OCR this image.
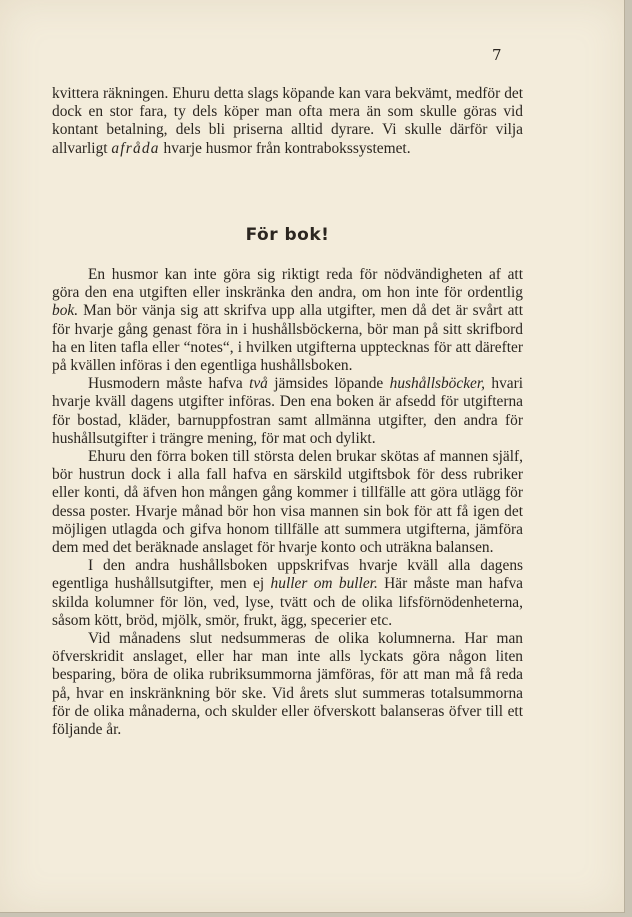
7

kvittera räkningen. Ehuru detta slags köpande kan vara bekvämt, medför det dock en stor fara, ty dels köper man ofta mera än som skulle göras vid kontant betalning, dels bli priserna alltid dyrare. Vi skulle därför vilja allvarligt afråda hvarje husmor från kontrabokssystemet.

För bok!

En husmor kan inte göra sig riktigt reda för nödvändigheten af att göra den ena utgiften eller inskränka den andra, om hon inte för ordentlig bok. Man bör vänja sig att skrifva upp alla utgifter, men då det är svårt att för hvarje gång genast föra in i hushållsböckerna, bör man på sitt skrifbord ha en liten tafla eller “notes“, i hvilken utgifterna upptecknas för att därefter på kvällen införas i den egentliga hushållsboken.

Husmodern måste hafva två jämsides löpande hushållsböcker, hvari hvarje kväll dagens utgifter införas. Den ena boken är afsedd för utgifterna för bostad, kläder, barnuppfostran samt allmänna utgifter, den andra för hushållsutgifter i trängre mening, för mat och dylikt.

Ehuru den förra boken till största delen brukar skötas af mannen själf, bör hustrun dock i alla fall hafva en särskild utgiftsbok för dess rubriker eller konti, då äfven hon mången gång kommer i tillfälle att göra utlägg för dessa poster. Hvarje månad bör hon visa mannen sin bok för att få igen det möjligen utlagda och gifva honom tillfälle att summera utgifterna, jämföra dem med det beräknade anslaget för hvarje konto och uträkna balansen.

I den andra hushållsboken uppskrifvas hvarje kväll alla dagens egentliga hushållsutgifter, men ej huller om buller. Här måste man hafva skilda kolumner för lön, ved, lyse, tvätt och de olika lifsförnödenheterna, såsom kött, bröd, mjölk, smör, frukt, ägg, specerier etc.

Vid månadens slut nedsummeras de olika kolumnerna. Har man öfverskridit anslaget, eller har man inte alls lyckats göra någon liten besparing, böra de olika rubriksummorna jämföras, för att man må få reda på, hvar en inskränkning bör ske. Vid årets slut summeras totalsummorna för de olika månaderna, och skulder eller öfverskott balanseras öfver till ett följande år.
